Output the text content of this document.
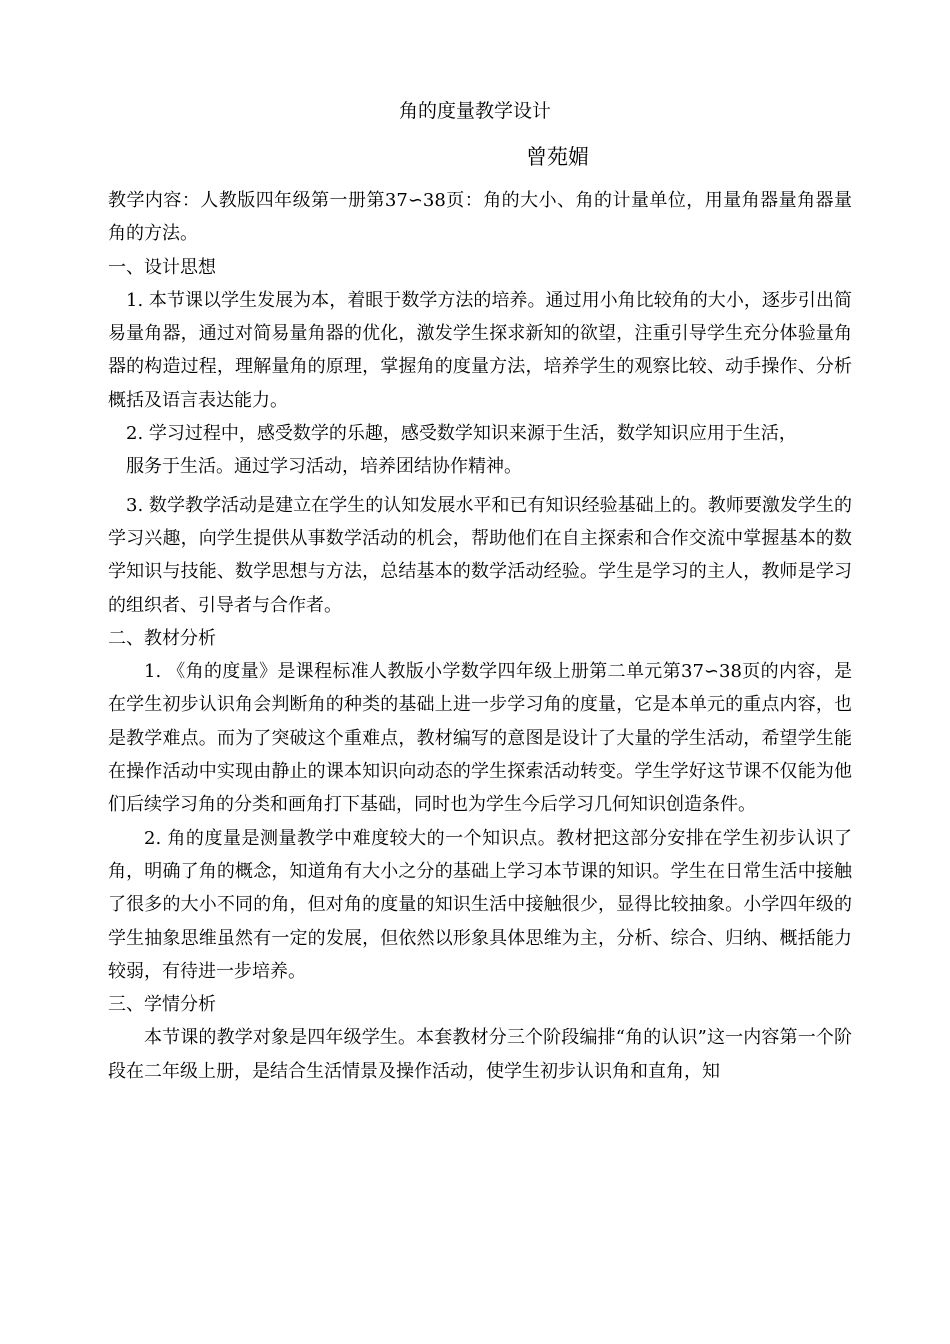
角的度量教学设计
曾苑媚

教学内容：人教版四年级第一册第37∽38页：角的大小、角的计量单位，用量角器量角器量角的方法。

一、设计思想

1. 本节课以学生发展为本，着眼于数学方法的培养。通过用小角比较角的大小，逐步引出简易量角器，通过对简易量角器的优化，激发学生探求新知的欲望，注重引导学生充分体验量角器的构造过程，理解量角的原理，掌握角的度量方法，培养学生的观察比较、动手操作、分析概括及语言表达能力。

2. 学习过程中，感受数学的乐趣，感受数学知识来源于生活，数学知识应用于生活，

服务于生活。通过学习活动，培养团结协作精神。

3. 数学教学活动是建立在学生的认知发展水平和已有知识经验基础上的。教师要激发学生的学习兴趣，向学生提供从事数学活动的机会，帮助他们在自主探索和合作交流中掌握基本的数学知识与技能、数学思想与方法，总结基本的数学活动经验。学生是学习的主人，教师是学习的组织者、引导者与合作者。

二、教材分析

1. 《角的度量》是课程标准人教版小学数学四年级上册第二单元第37∽38页的内容，是在学生初步认识角会判断角的种类的基础上进一步学习角的度量，它是本单元的重点内容，也是教学难点。而为了突破这个重难点，教材编写的意图是设计了大量的学生活动，希望学生能在操作活动中实现由静止的课本知识向动态的学生探索活动转变。学生学好这节课不仅能为他们后续学习角的分类和画角打下基础，同时也为学生今后学习几何知识创造条件。

2. 角的度量是测量教学中难度较大的一个知识点。教材把这部分安排在学生初步认识了角，明确了角的概念，知道角有大小之分的基础上学习本节课的知识。学生在日常生活中接触了很多的大小不同的角，但对角的度量的知识生活中接触很少，显得比较抽象。小学四年级的学生抽象思维虽然有一定的发展，但依然以形象具体思维为主，分析、综合、归纳、概括能力较弱，有待进一步培养。

三、学情分析

本节课的教学对象是四年级学生。本套教材分三个阶段编排“角的认识”这一内容第一个阶段在二年级上册，是结合生活情景及操作活动，使学生初步认识角和直角，知
